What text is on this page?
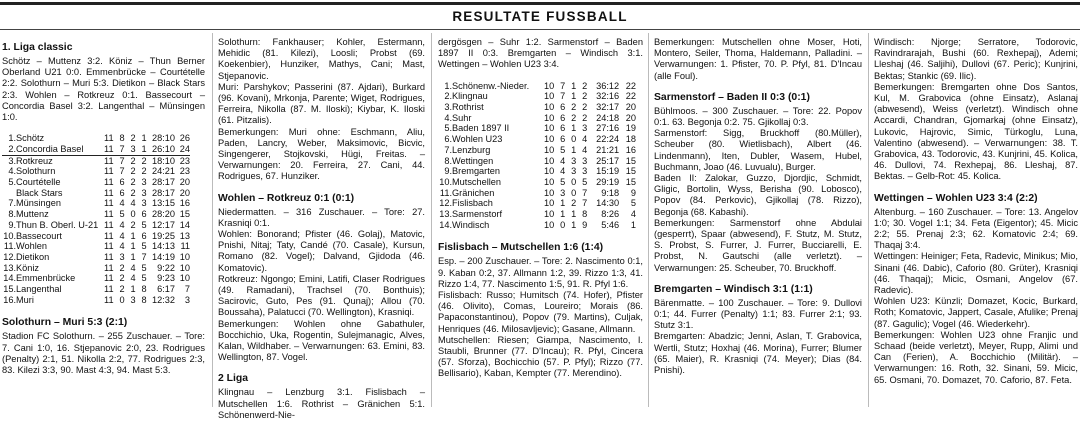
RESULTATE FUSSBALL
1. Liga classic

Schötz – Muttenz 3:2. Köniz – Thun Berner Oberland U21 0:0. Emmenbrücke – Courtételle 2:2. Solothurn – Muri 5:3. Dietikon – Black Stars 2:3. Wohlen – Rotkreuz 0:1. Bassecourt – Concordia Basel 3:2. Langenthal – Münsingen 1:0.

1.	Schötz	11	8	2	1	28:10	26
2.	Concordia Basel	11	7	3	1	26:10	24
3.	Rotkreuz	11	7	2	2	18:10	23
4.	Solothurn	11	7	2	2	24:21	23
5.	Courtételle	11	6	2	3	28:17	20
	Black Stars	11	6	2	3	28:17	20
7.	Münsingen	11	4	4	3	13:15	16
8.	Muttenz	11	5	0	6	28:20	15
9.	Thun B. Oberl. U-21	11	4	2	5	12:17	14
10.	Bassecourt	11	4	1	6	19:25	13
11.	Wohlen	11	4	1	5	14:13	11
12.	Dietikon	11	3	1	7	14:19	10
13.	Köniz	11	2	4	5	9:22	10
14.	Emmenbrücke	11	2	4	5	9:23	10
15.	Langenthal	11	2	1	8	6:17	7
16.	Muri	11	0	3	8	12:32	3
Solothurn – Muri 5:3 (2:1)

Stadion FC Solothurn. – 255 Zuschauer. – Tore: 7. Cani 1:0, 16. Stjepanovic 2:0, 23. Rodrigues (Penalty) 2:1, 51. Nikolla 2:2, 77. Rodrigues 2:3, 83. Kilezi 3:3, 90. Mast 4:3, 94. Mast 5:3.

Solothurn: Fankhauser; Kohler, Estermann, Mehidic (81. Kilezi), Loosli; Probst (69. Koekenbier), Hunziker, Mathys, Cani; Mast, Stjepanovic.

Muri: Parshykov; Passerini (87. Ajdari), Burkard (96. Kovani), Mrkonja, Parente; Wiget, Rodrigues, Ferreira, Nikolla (87. M. Iloski); Kiybar, K. Iloski (61. Pitzalis).

Bemerkungen: Muri ohne: Eschmann, Aliu, Paden, Lancry, Weber, Maksimovic, Bicvic, Singengerer, Stojkovski, Hügi, Freitas. – Verwarnungen: 20. Ferreira, 27. Cani, 44. Rodrigues, 67. Hunziker.

Wohlen – Rotkreuz 0:1 (0:1)

Niedermatten. – 316 Zuschauer. – Tore: 27. Krasniqi 0:1.

Wohlen: Bonorand; Pfister (46. Golaj), Matovic, Pnishi, Nitaj; Taty, Candé (70. Casale), Kursun, Romano (82. Vogel); Dalvand, Gjidoda (46. Komatovic).

Rotkreuz: Ngongo; Emini, Latifi, Claser Rodrigues (49. Ramadani), Trachsel (70. Bonthuis); Sacirovic, Guto, Pes (91. Qunaj); Allou (70. Boussaha), Palatucci (70. Wellington), Krasniqi.

Bemerkungen: Wohlen ohne Gabathuler, Bocchichio, Uka, Rogentin, Sulejmanagic, Alves, Kalan, Wildhaber. – Verwarnungen: 63. Emini, 83. Wellington, 87. Vogel.

2 Liga

Klingnau – Lenzburg 3:1. Fislisbach – Mutschellen 1:6. Rothrist – Gränichen 5:1. Schönenwerd-Nie-

dergösgen – Suhr 1:2. Sarmenstorf – Baden 1897 II 0:3. Bremgarten – Windisch 3:1. Wettingen – Wohlen U23 3:4.

1.	Schönenw.-Nieder.	10	7	1	2	36:12	22
2.	Klingnau	10	7	1	2	32:16	22
3.	Rothrist	10	6	2	2	32:17	20
4.	Suhr	10	6	2	2	24:18	20
5.	Baden 1897 II	10	6	1	3	27:16	19
6.	Wohlen U23	10	6	0	4	22:24	18
7.	Lenzburg	10	5	1	4	21:21	16
8.	Wettingen	10	4	3	3	25:17	15
9.	Bremgarten	10	4	3	3	15:19	15
10.	Mutschellen	10	5	0	5	29:19	15
11.	Gränichen	10	3	0	7	9:18	9
12.	Fislisbach	10	1	2	7	14:30	5
13.	Sarmenstorf	10	1	1	8	8:26	4
14.	Windisch	10	0	1	9	5:46	1
Fislisbach – Mutschellen 1:6 (1:4)

Esp. – 200 Zuschauer. – Tore: 2. Nascimento 0:1, 9. Kaban 0:2, 37. Allmann 1:2, 39. Rizzo 1:3, 41. Rizzo 1:4, 77. Nascimento 1:5, 91. R. Pfyl 1:6.

Fislisbach: Russo; Humitsch (74. Hofer), Pfister (46. Olivito), Comas, Loureiro; Morais (86. Papaconstantinou), Popov (79. Martins), Culjak, Henriques (46. Milosavljevic); Gasane, Allmann.

Mutschellen: Riesen; Giampa, Nascimento, I. Staubli, Brunner (77. D'Incau); R. Pfyl, Cincera (57. Sforza), Bochicchio (57. P. Pfyl); Rizzo (77. Bellisario), Kaban, Kempter (77. Merendino).

Bemerkungen: Mutschellen ohne Moser, Hoti, Montero, Seiler, Thoma, Haldemann, Palladini. – Verwarnungen: 1. Pfister, 70. P. Pfyl, 81. D'Incau (alle Foul).

Sarmenstorf – Baden II 0:3 (0:1)

Bühlmoos. – 300 Zuschauer. – Tore: 22. Popov 0:1. 63. Begonja 0:2. 75. Gjikollaj 0:3.

Sarmenstorf: Sigg, Bruckhoff (80.Müller), Scheuber (80. Wietlisbach), Albert (46. Lindenmann), Iten, Dubler, Wasem, Hubel, Buchmann, Joao (46. Luvualu), Burger.

Baden II: Zalokar, Guzzo, Djordjic, Schmidt, Gligic, Bortolin, Wyss, Berisha (90. Lobosco), Popov (84. Perkovic), Gjikollaj (78. Rizzo), Begonja (68. Kabashi).

Bemerkungen: Sarmenstorf ohne Abdulai (gesperrt), Spaar (abwesend), F. Stutz, M. Stutz, S. Probst, S. Furrer, J. Furrer, Bucciarelli, E. Probst, N. Gautschi (alle verletzt). – Verwarnungen: 25. Scheuber, 70. Bruckhoff.

Bremgarten – Windisch 3:1 (1:1)

Bärenmatte. – 100 Zuschauer. – Tore: 9. Dullovi 0:1; 44. Furrer (Penalty) 1:1; 83. Furrer 2:1; 93. Stutz 3:1.

Bremgarten: Abadzic; Jenni, Aslan, T. Grabovica, Wertli, Stutz; Hoxhaj (46. Morina), Furrer; Blumer (65. Maier), R. Krasniqi (74. Meyer); Dias (84. Pnishi).

Windisch: Njorge; Serratore, Todorovic, Ravindrarajah, Bushi (60. Rexhepaj), Ademi; Lleshaj (46. Saljihi), Dullovi (67. Peric); Kunjrini, Bektas; Stankic (69. Ilic).

Bemerkungen: Bremgarten ohne Dos Santos, Kul, M. Grabovica (ohne Einsatz), Aslanaj (abwesend), Weiss (verletzt). Windisch ohne Accardi, Chandran, Gjomarkaj (ohne Einsatz), Lukovic, Hajrovic, Simic, Türkoglu, Luna, Valentino (abwesend). – Verwarnungen: 38. T. Grabovica, 43. Todorovic, 43. Kunjrini, 45. Kolica, 46. Dullovi, 74. Rexhepaj, 86. Lleshaj, 87. Bektas. – Gelb-Rot: 45. Kolica.

Wettingen – Wohlen U23 3:4 (2:2)

Altenburg. – 160 Zuschauer. – Tore: 13. Angelov 1:0; 30. Vogel 1:1; 34. Feta (Eigentor); 45. Micic 2:2; 55. Prenaj 2:3; 62. Komatovic 2:4; 69. Thaqaj 3:4.

Wettingen: Heiniger; Feta, Radevic, Minikus; Mio, Sinani (46. Dabic), Caforio (80. Grüter), Krasniqi (46. Thaqaj); Micic, Osmani, Angelov (67. Radevic).

Wohlen U23: Künzli; Domazet, Kocic, Burkard, Roth; Komatovic, Jappert, Casale, Afulike; Prenaj (87. Gagulic); Vogel (46. Wiederkehr).

Bemerkungen: Wohlen U23 ohne Franjic und Schaad (beide verletzt), Meyer, Rupp, Alimi und Can (Ferien), A. Bocchichio (Militär). – Verwarnungen: 16. Roth, 32. Sinani, 59. Micic, 65. Osmani, 70. Domazet, 70. Caforio, 87. Feta.
